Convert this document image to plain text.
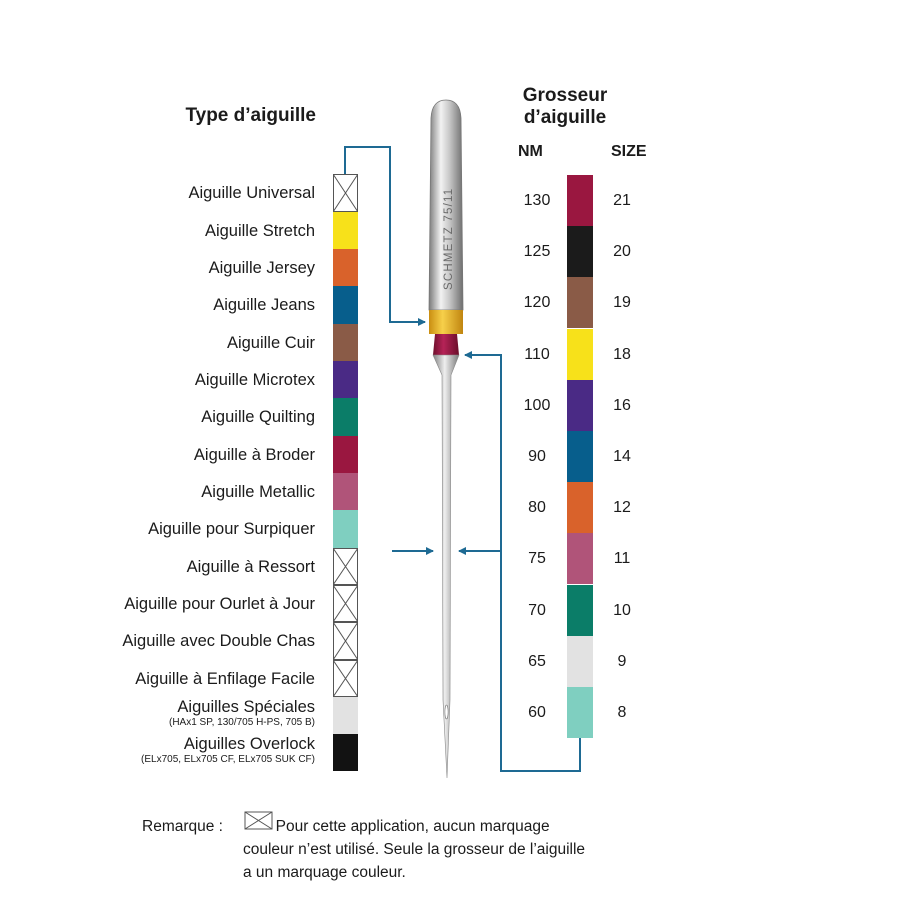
Type d’aiguille
Grosseur
d’aiguille
NM	SIZE
Aiguille Universal
Aiguille Stretch
Aiguille Jersey
Aiguille Jeans
Aiguille Cuir
Aiguille Microtex
Aiguille Quilting
Aiguille à Broder
Aiguille Metallic
Aiguille pour Surpiquer
Aiguille à Ressort
Aiguille pour Ourlet à Jour
Aiguille avec Double Chas
Aiguille à Enfilage Facile
Aiguilles Spéciales
(HAx1 SP, 130/705 H-PS, 705 B)
Aiguilles Overlock
(ELx705, ELx705 CF, ELx705 SUK CF)
130	21
125	20
120	19
110	18
100	16
90	14
80	12
75	11
70	10
65	9
60	8
SCHMETZ 75/11
Remarque :	Pour cette application, aucun marquage
couleur n’est utilisé. Seule la grosseur de l’aiguille
a un marquage couleur.
